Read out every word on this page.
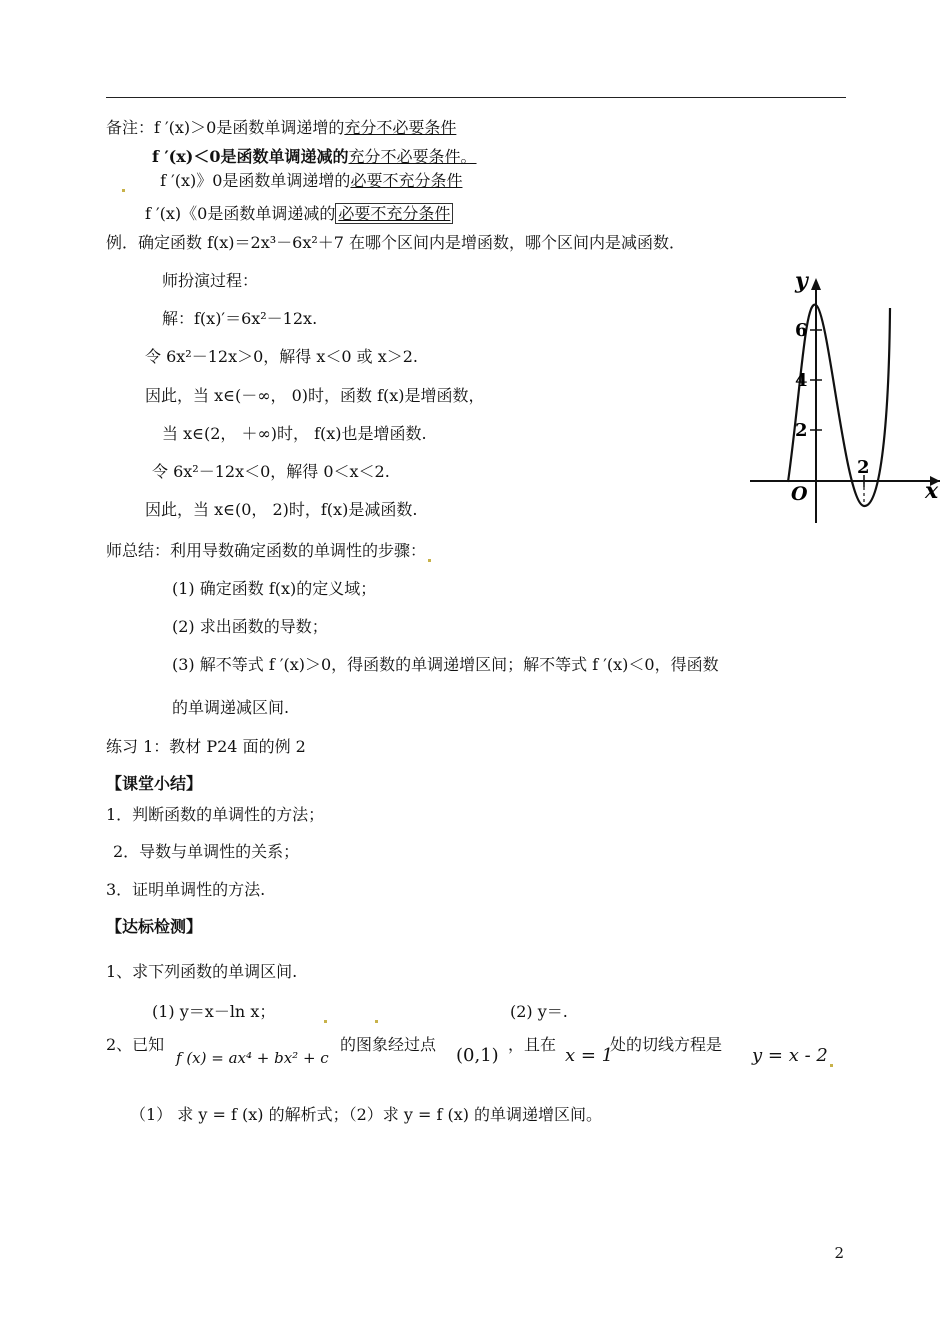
备注：f ′(x)＞0是函数单调递增的充分不必要条件
f ′(x)＜0是函数单调递减的充分不必要条件。
f ′(x)》0是函数单调递增的必要不充分条件
f ′(x)《0是函数单调递减的 必要不充分条件
例．确定函数 f(x)＝2x³－6x²＋7 在哪个区间内是增函数，哪个区间内是减函数．
师扮演过程：
解：f(x)′＝6x²－12x.
令 6x²－12x＞0，解得 x＜0 或 x＞2.
因此，当 x∈(－∞， 0)时，函数 f(x)是增函数，
当 x∈(2， ＋∞)时， f(x)也是增函数.
令 6x²－12x＜0，解得 0＜x＜2.
因此，当 x∈(0， 2)时，f(x)是减函数.
y
x
O
6
4
2
2
师总结：利用导数确定函数的单调性的步骤：
(1) 确定函数 f(x)的定义域；
(2) 求出函数的导数；
(3) 解不等式 f ′(x)＞0，得函数的单调递增区间；解不等式 f ′(x)＜0，得函数
的单调递减区间.
练习 1：教材 P24 面的例 2
【课堂小结】
1．判断函数的单调性的方法；
2．导数与单调性的关系；
3．证明单调性的方法.
【达标检测】
1、求下列函数的单调区间.
(1) y＝x－ln x；	(2) y＝.
2、已知
f (x) = ax⁴ + bx² + c
的图象经过点
(0,1)
，且在
x = 1
处的切线方程是
y = x - 2
（1） 求 y = f (x) 的解析式；（2）求 y = f (x) 的单调递增区间。
2
